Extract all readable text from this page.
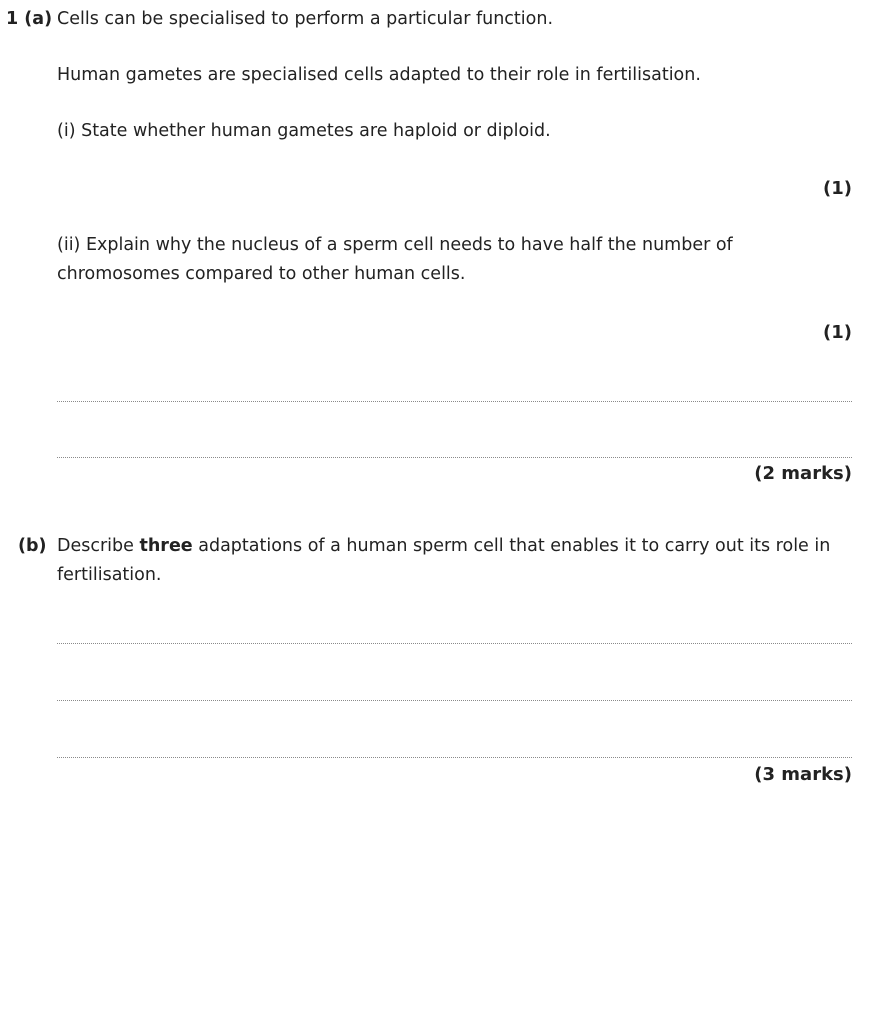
1 (a) Cells can be specialised to perform a particular function.
Human gametes are specialised cells adapted to their role in fertilisation.
(i) State whether human gametes are haploid or diploid.
(1)
(ii) Explain why the nucleus of a sperm cell needs to have half the number of
chromosomes compared to other human cells.
(1)
(2 marks)
(b) Describe three adaptations of a human sperm cell that enables it to carry out its role in
fertilisation.
(3 marks)
